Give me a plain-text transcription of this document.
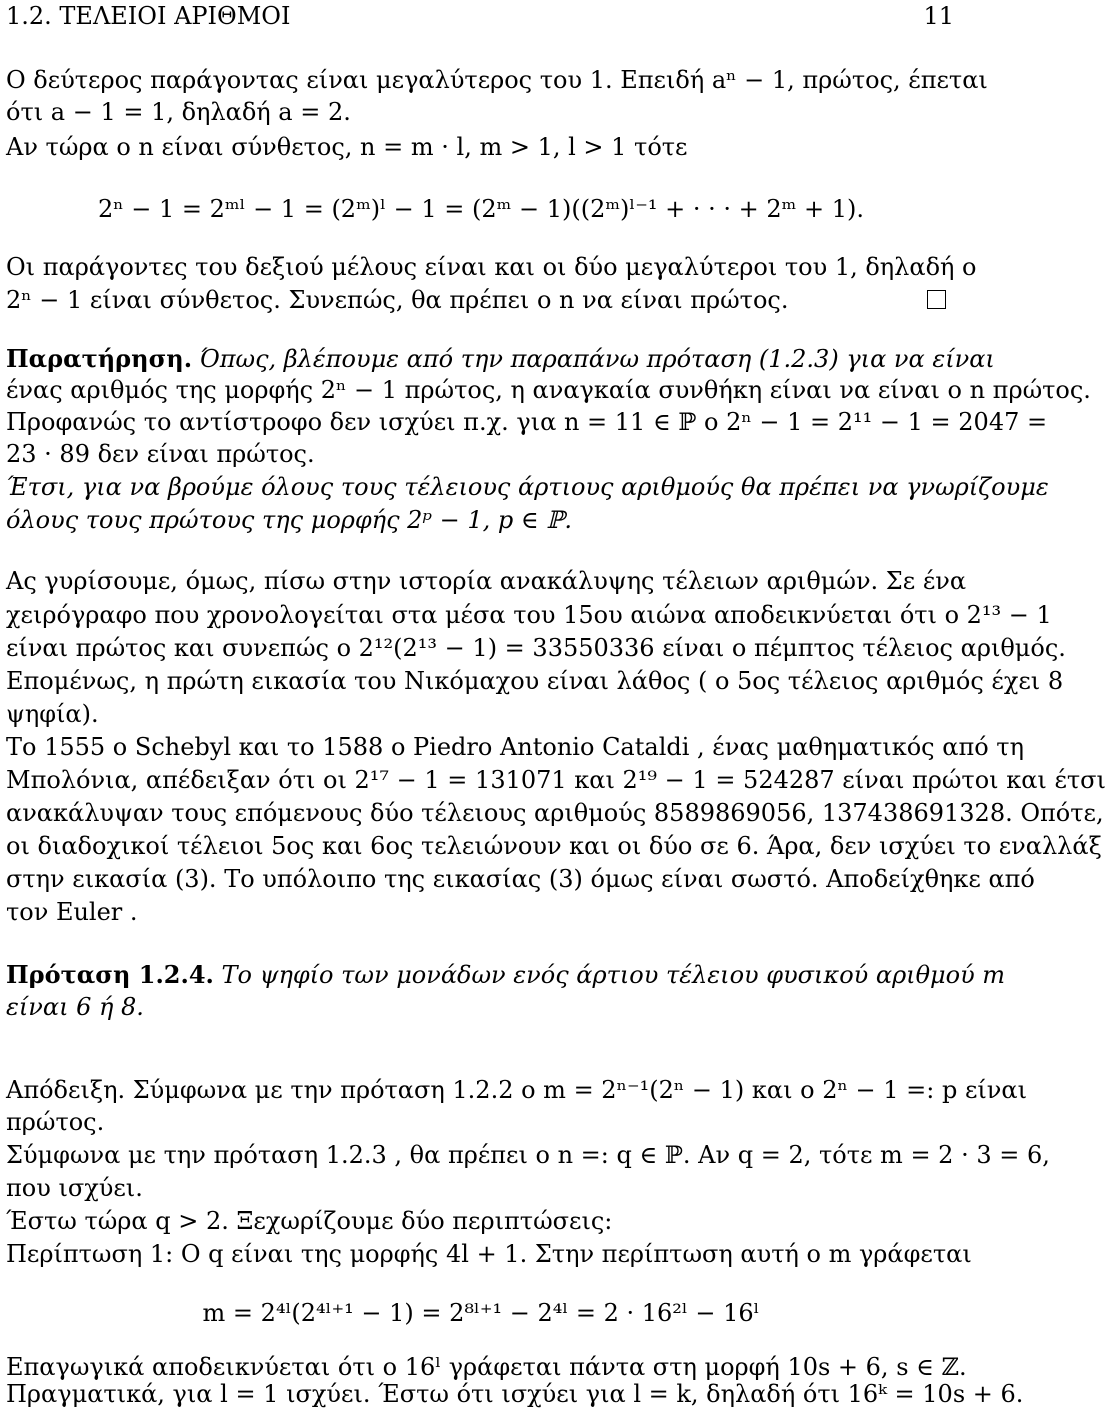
1.2. ΤΕΛΕΙΟΙ ΑΡΙΘΜΟΙ	11
Ο δεύτερος παράγοντας είναι μεγαλύτερος του 1. Επειδή aⁿ − 1, πρώτος, έπεται
ότι a − 1 = 1, δηλαδή a = 2.
Αν τώρα ο n είναι σύνθετος, n = m · l, m > 1, l > 1 τότε
2ⁿ − 1 = 2ᵐˡ − 1 = (2ᵐ)ˡ − 1 = (2ᵐ − 1)((2ᵐ)ˡ⁻¹ + · · · + 2ᵐ + 1).
Οι παράγοντες του δεξιού μέλους είναι και οι δύο μεγαλύτεροι του 1, δηλαδή ο
2ⁿ − 1 είναι σύνθετος. Συνεπώς, θα πρέπει ο n να είναι πρώτος.
Παρατήρηση. Όπως, βλέπουμε από την παραπάνω πρόταση (1.2.3) για να είναι
ένας αριθμός της μορφής 2ⁿ − 1 πρώτος, η αναγκαία συνθήκη είναι να είναι ο n πρώτος.
Προφανώς το αντίστροφο δεν ισχύει π.χ. για n = 11 ∈ ℙ ο 2ⁿ − 1 = 2¹¹ − 1 = 2047 =
23 · 89 δεν είναι πρώτος.
Έτσι, για να βρούμε όλους τους τέλειους άρτιους αριθμούς θα πρέπει να γνωρίζουμε
όλους τους πρώτους της μορφής 2ᵖ − 1, p ∈ ℙ.
Ας γυρίσουμε, όμως, πίσω στην ιστορία ανακάλυψης τέλειων αριθμών. Σε ένα
χειρόγραφο που χρονολογείται στα μέσα του 15ου αιώνα αποδεικνύεται ότι ο 2¹³ − 1
είναι πρώτος και συνεπώς ο 2¹²(2¹³ − 1) = 33550336 είναι ο πέμπτος τέλειος αριθμός.
Επομένως, η πρώτη εικασία του Νικόμαχου είναι λάθος ( ο 5ος τέλειος αριθμός έχει 8
ψηφία).
Το 1555 ο Schebyl και το 1588 ο Piedro Antonio Cataldi , ένας μαθηματικός από τη
Μπολόνια, απέδειξαν ότι οι 2¹⁷ − 1 = 131071 και 2¹⁹ − 1 = 524287 είναι πρώτοι και έτσι
ανακάλυψαν τους επόμενους δύο τέλειους αριθμούς 8589869056, 137438691328. Οπότε,
οι διαδοχικοί τέλειοι 5ος και 6ος τελειώνουν και οι δύο σε 6. Άρα, δεν ισχύει το εναλλάξ
στην εικασία (3). Το υπόλοιπο της εικασίας (3) όμως είναι σωστό. Αποδείχθηκε από
τον Euler .
Πρόταση 1.2.4. Το ψηφίο των μονάδων ενός άρτιου τέλειου φυσικού αριθμού m
είναι 6 ή 8.
Απόδειξη. Σύμφωνα με την πρόταση 1.2.2 ο m = 2ⁿ⁻¹(2ⁿ − 1) και ο 2ⁿ − 1 =: p είναι
πρώτος.
Σύμφωνα με την πρόταση 1.2.3 , θα πρέπει ο n =: q ∈ ℙ. Αν q = 2, τότε m = 2 · 3 = 6,
που ισχύει.
Έστω τώρα q > 2. Ξεχωρίζουμε δύο περιπτώσεις:
Περίπτωση 1: Ο q είναι της μορφής 4l + 1. Στην περίπτωση αυτή ο m γράφεται
m = 2⁴ˡ(2⁴ˡ⁺¹ − 1) = 2⁸ˡ⁺¹ − 2⁴ˡ = 2 · 16²ˡ − 16ˡ
Επαγωγικά αποδεικνύεται ότι ο 16ˡ γράφεται πάντα στη μορφή 10s + 6, s ∈ ℤ.
Πραγματικά, για l = 1 ισχύει. Έστω ότι ισχύει για l = k, δηλαδή ότι 16ᵏ = 10s + 6.
